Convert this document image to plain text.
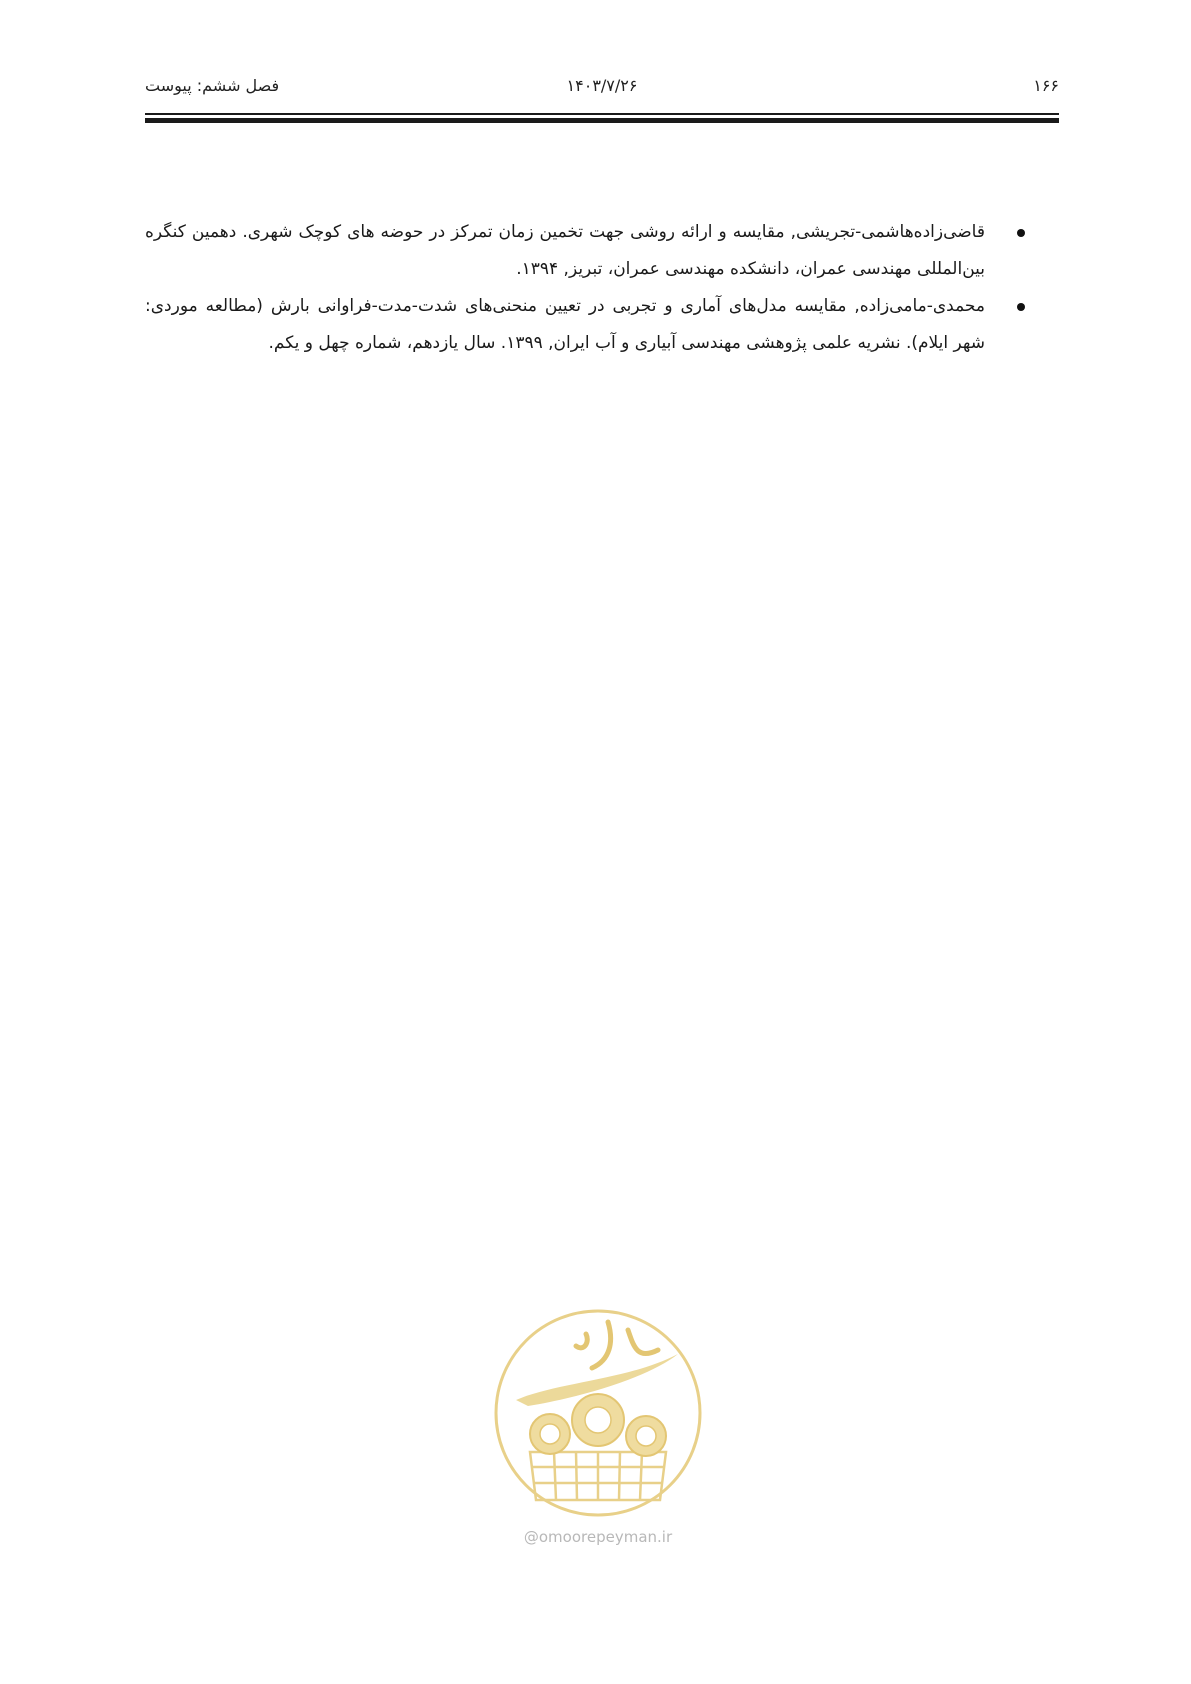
۱۶۶
۱۴۰۳/۷/۲۶
فصل ششم: پیوست
قاضی‌زاده‌هاشمی-تجریشی, مقایسه و ارائه روشی جهت تخمین زمان تمرکز در حوضه های کوچک شهری. دهمین کنگره بین‌المللی مهندسی عمران، دانشکده مهندسی عمران، تبریز, ۱۳۹۴.
محمدی-مامی‌زاده, مقایسه مدل‌های آماری و تجربی در تعیین منحنی‌های شدت-مدت-فراوانی بارش (مطالعه موردی: شهر ایلام). نشریه علمی پژوهشی مهندسی آبیاری و آب ایران, ۱۳۹۹. سال یازدهم، شماره چهل و یکم.
@omoorepeyman.ir
